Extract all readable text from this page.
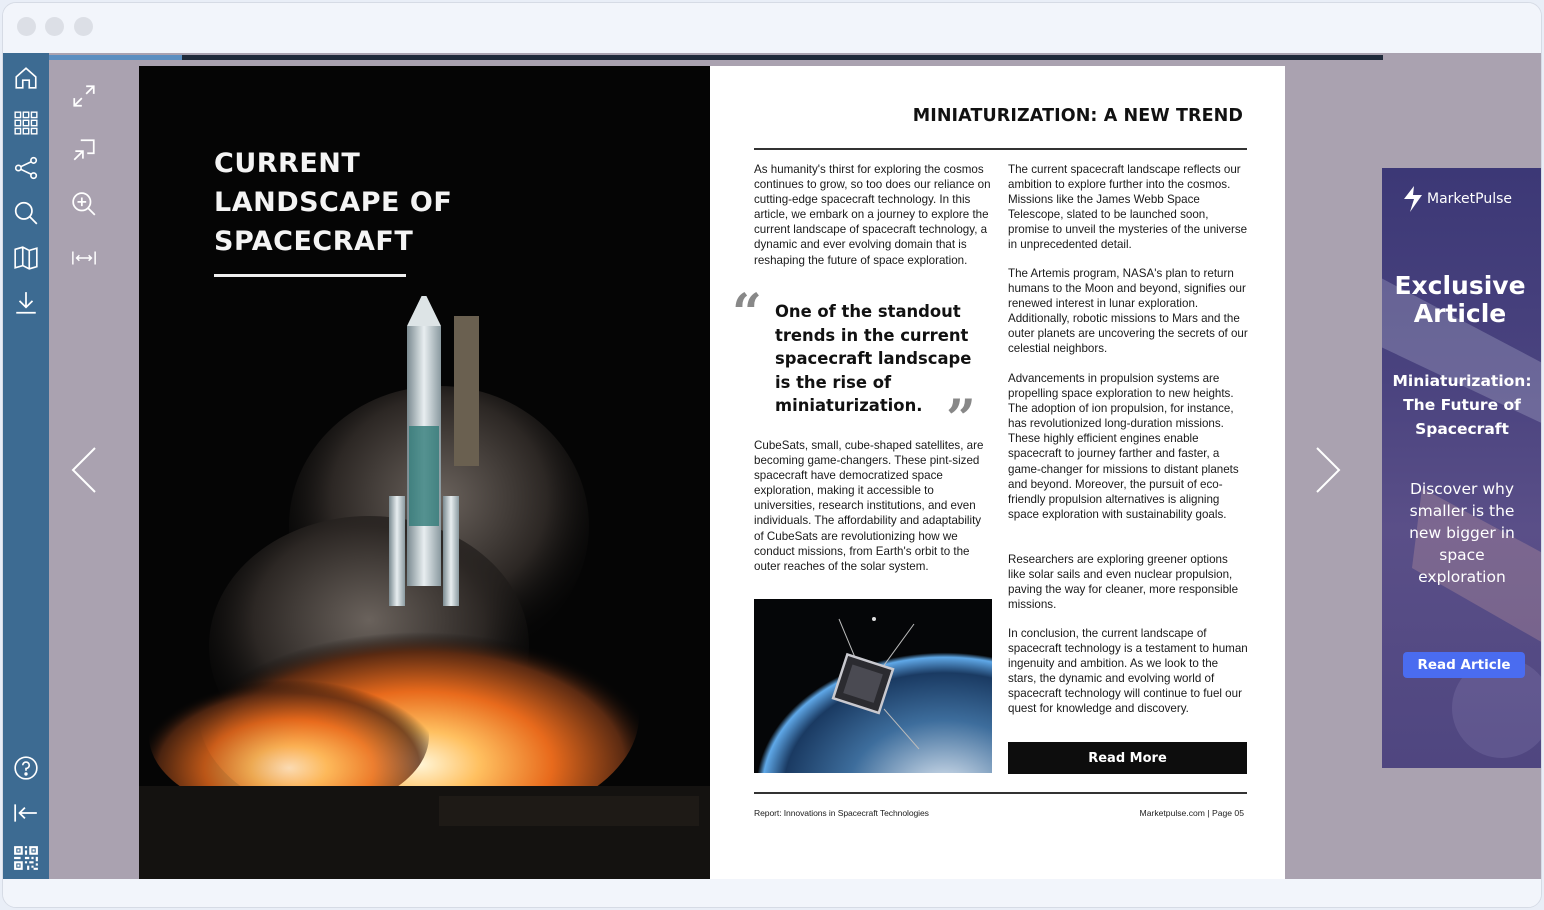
CURRENT LANDSCAPE OF SPACECRAFT
MINIATURIZATION: A NEW TREND
As humanity's thirst for exploring the cosmos continues to grow, so too does our reliance on cutting-edge spacecraft technology. In this article, we embark on a journey to explore the current landscape of spacecraft technology, a dynamic and ever evolving domain that is reshaping the future of space exploration.
“ One of the standout trends in the current spacecraft landscape is the rise of miniaturization. ”
CubeSats, small, cube-shaped satellites, are becoming game-changers. These pint-sized spacecraft have democratized space exploration, making it accessible to universities, research institutions, and even individuals. The affordability and adaptability of CubeSats are revolutionizing how we conduct missions, from Earth's orbit to the outer reaches of the solar system.
The current spacecraft landscape reflects our ambition to explore further into the cosmos. Missions like the James Webb Space Telescope, slated to be launched soon, promise to unveil the mysteries of the universe in unprecedented detail.
The Artemis program, NASA's plan to return humans to the Moon and beyond, signifies our renewed interest in lunar exploration. Additionally, robotic missions to Mars and the outer planets are uncovering the secrets of our celestial neighbors.
Advancements in propulsion systems are propelling space exploration to new heights. The adoption of ion propulsion, for instance, has revolutionized long-duration missions. These highly efficient engines enable spacecraft to journey farther and faster, a game-changer for missions to distant planets and beyond. Moreover, the pursuit of eco-friendly propulsion alternatives is aligning space exploration with sustainability goals.
Researchers are exploring greener options like solar sails and even nuclear propulsion, paving the way for cleaner, more responsible missions.
In conclusion, the current landscape of spacecraft technology is a testament to human ingenuity and ambition. As we look to the stars, the dynamic and evolving world of spacecraft technology will continue to fuel our quest for knowledge and discovery.
Read More
Report: Innovations in Spacecraft Technologies	Marketpulse.com | Page 05
MarketPulse
Exclusive Article
Miniaturization: The Future of Spacecraft
Discover why smaller is the new bigger in space exploration
Read Article
